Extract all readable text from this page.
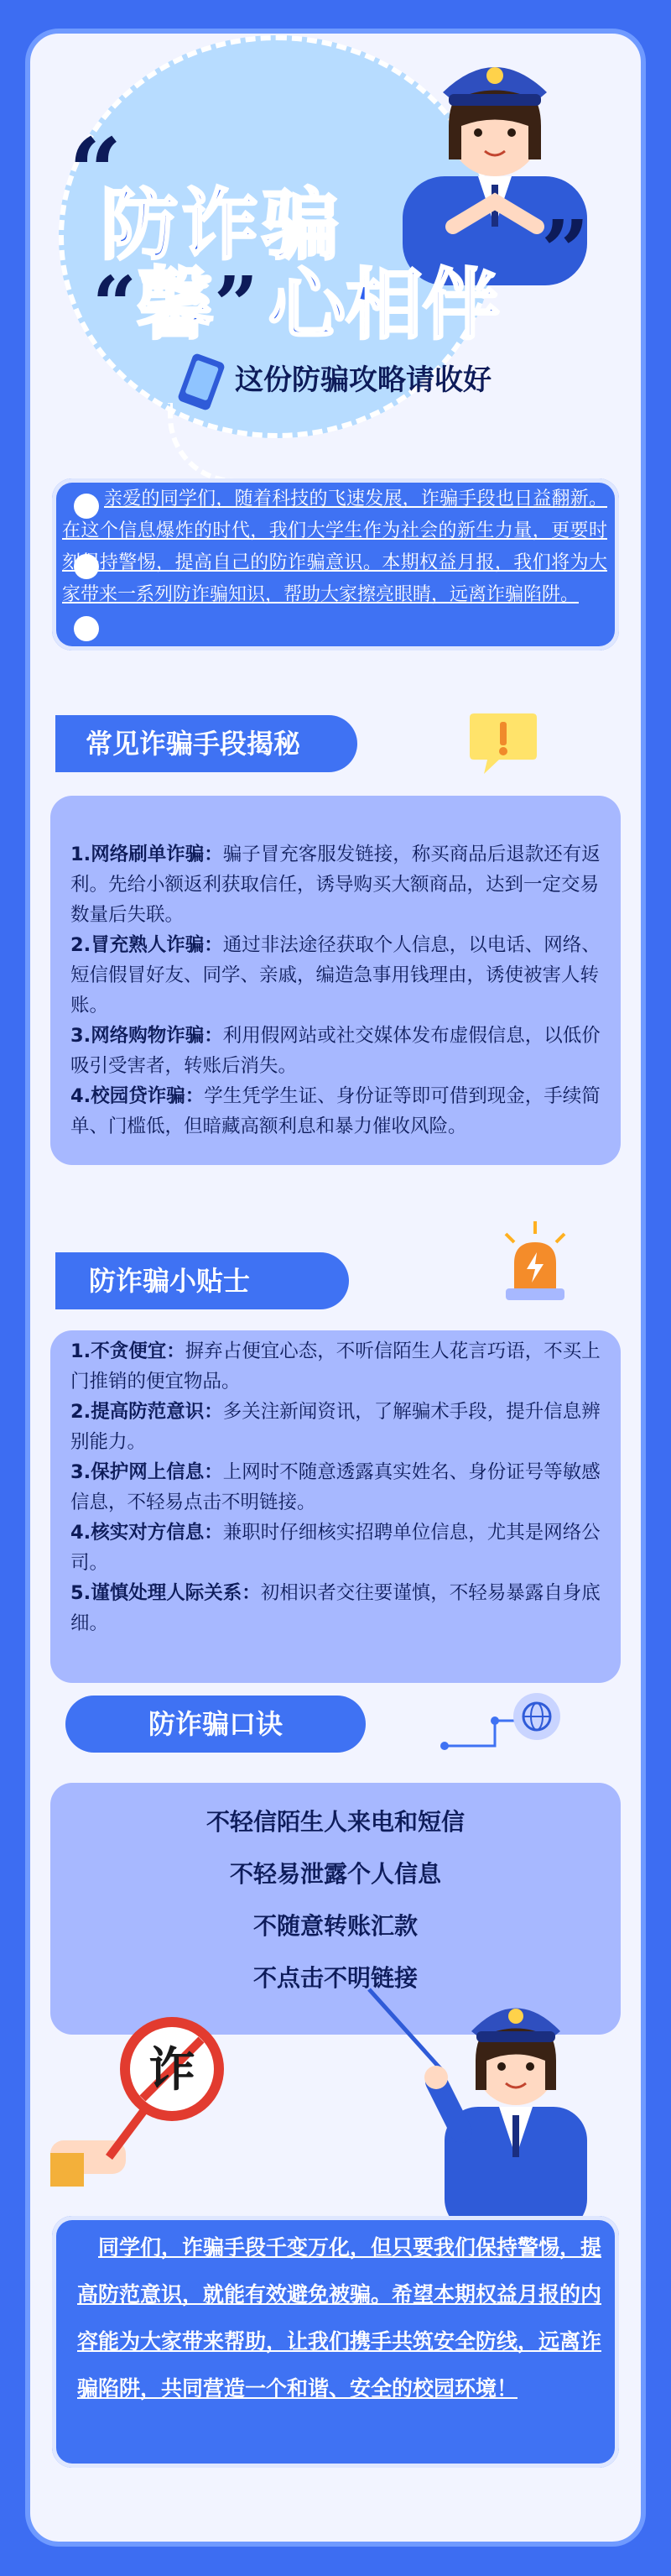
“
防诈骗
“馨” 心相伴
”
这份防骗攻略请收好
亲爱的同学们，随着科技的飞速发展，诈骗手段也日益翻新。在这个信息爆炸的时代，我们大学生作为社会的新生力量，更要时刻保持警惕，提高自己的防诈骗意识。本期权益月报，我们将为大家带来一系列防诈骗知识，帮助大家擦亮眼睛，远离诈骗陷阱。
常见诈骗手段揭秘
1.网络刷单诈骗：骗子冒充客服发链接，称买商品后退款还有返利。先给小额返利获取信任，诱导购买大额商品，达到一定交易数量后失联。
2.冒充熟人诈骗：通过非法途径获取个人信息，以电话、网络、短信假冒好友、同学、亲戚，编造急事用钱理由，诱使被害人转账。
3.网络购物诈骗：利用假网站或社交媒体发布虚假信息，以低价吸引受害者，转账后消失。
4.校园贷诈骗：学生凭学生证、身份证等即可借到现金，手续简单、门槛低，但暗藏高额利息和暴力催收风险。
防诈骗小贴士
1.不贪便宜：摒弃占便宜心态，不听信陌生人花言巧语，不买上门推销的便宜物品。
2.提高防范意识：多关注新闻资讯，了解骗术手段，提升信息辨别能力。
3.保护网上信息：上网时不随意透露真实姓名、身份证号等敏感信息，不轻易点击不明链接。
4.核实对方信息：兼职时仔细核实招聘单位信息，尤其是网络公司。
5.谨慎处理人际关系：初相识者交往要谨慎，不轻易暴露自身底细。
防诈骗口诀
不轻信陌生人来电和短信
不轻易泄露个人信息
不随意转账汇款
不点击不明链接
诈
同学们，诈骗手段千变万化，但只要我们保持警惕，提高防范意识，就能有效避免被骗。希望本期权益月报的内容能为大家带来帮助，让我们携手共筑安全防线，远离诈骗陷阱，共同营造一个和谐、安全的校园环境！
